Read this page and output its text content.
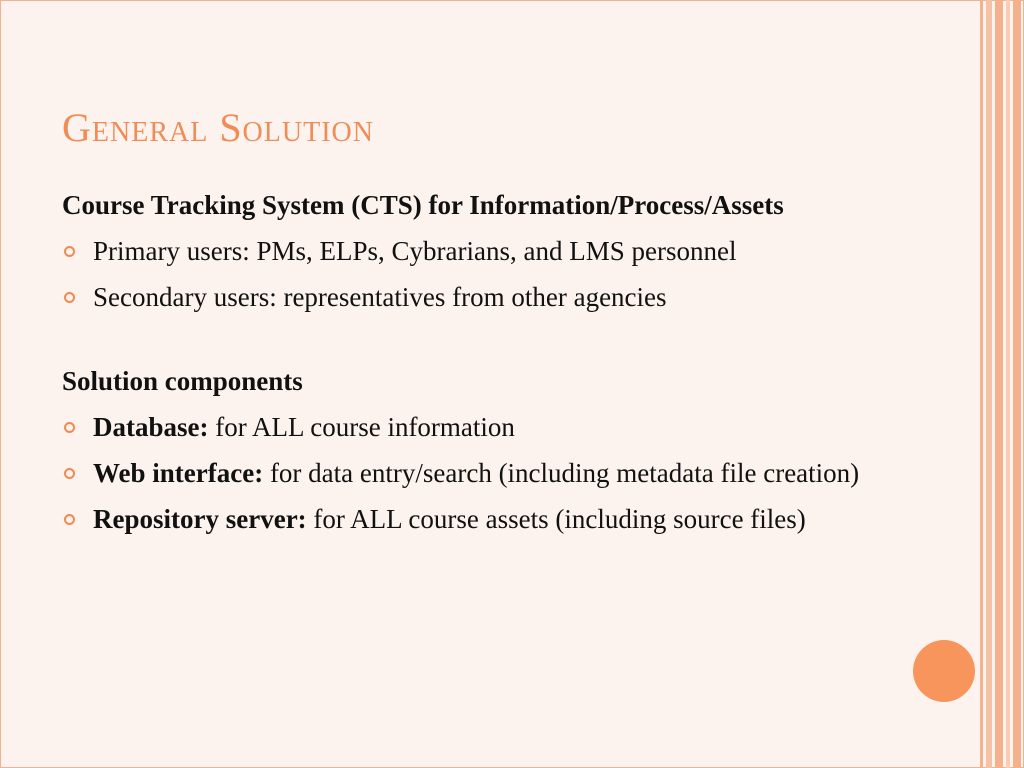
General Solution
Course Tracking System (CTS) for Information/Process/Assets
Primary users: PMs, ELPs, Cybrarians, and LMS personnel
Secondary users: representatives from other agencies
Solution components
Database: for ALL course information
Web interface: for data entry/search (including metadata file creation)
Repository server: for ALL course assets (including source files)
